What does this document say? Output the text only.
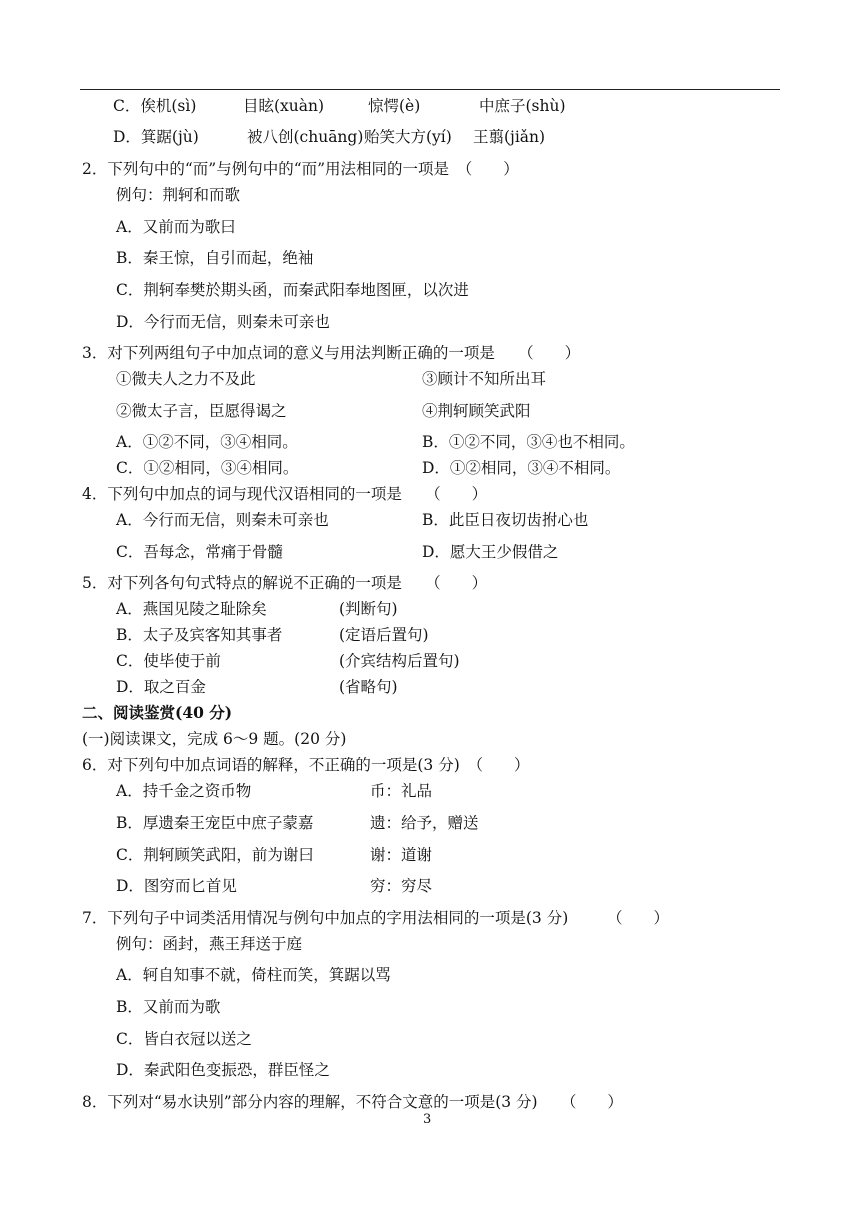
C．俟机(sì)	目眩(xuàn)	惊愕(è)	中庶子(shù)
D．箕踞(jù)	被八创(chuāng) 贻笑大方(yí) 王翦(jiǎn)
2．下列句中的“而”与例句中的“而”用法相同的一项是　（　　）
例句：荆轲和而歌
A．又前而为歌曰
B．秦王惊，自引而起，绝袖
C．荆轲奉樊於期头函，而秦武阳奉地图匣，以次进
D．今行而无信，则秦未可亲也
3．对下列两组句子中加点词的意义与用法判断正确的一项是　　（　　）
①微夫人之力不及此	③顾计不知所出耳
②微太子言，臣愿得谒之	④荆轲顾笑武阳
A．①②不同，③④相同。	B．①②不同，③④也不相同。
C．①②相同，③④相同。	D．①②相同，③④不相同。
4．下列句中加点的词与现代汉语相同的一项是　　（　　）
A．今行而无信，则秦未可亲也	B．此臣日夜切齿拊心也
C．吾每念，常痛于骨髓	D．愿大王少假借之
5．对下列各句句式特点的解说不正确的一项是　　（　　）
A．燕国见陵之耻除矣	(判断句)
B．太子及宾客知其事者	(定语后置句)
C．使毕使于前	(介宾结构后置句)
D．取之百金	(省略句)
二、阅读鉴赏(40 分)
(一)阅读课文，完成 6～9 题。(20 分)
6．对下列句中加点词语的解释，不正确的一项是(3 分)　（　　）
A．持千金之资币物	币：礼品
B．厚遗秦王宠臣中庶子蒙嘉	遗：给予，赠送
C．荆轲顾笑武阳，前为谢曰	谢：道谢
D．图穷而匕首见	穷：穷尽
7．下列句子中词类活用情况与例句中加点的字用法相同的一项是(3 分)　　　（　　）
例句：函封，燕王拜送于庭
A．轲自知事不就，倚柱而笑，箕踞以骂
B．又前而为歌
C．皆白衣冠以送之
D．秦武阳色变振恐，群臣怪之
8．下列对“易水诀别”部分内容的理解，不符合文意的一项是(3 分)　　（　　）
3
